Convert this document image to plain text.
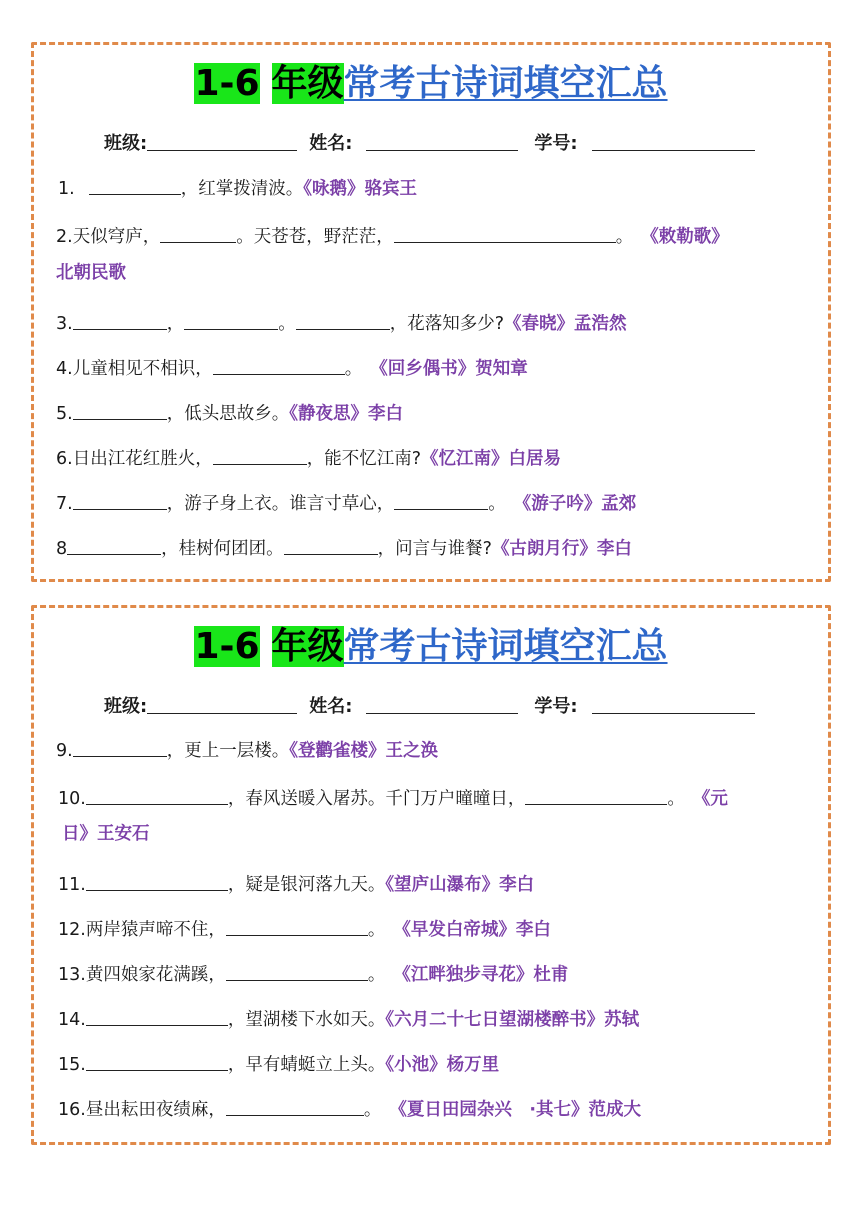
1-6 年级常考古诗词填空汇总
班级:	姓名:	学号:
1.	，红掌拨清波。《咏鹅》骆宾王
2.天似穹庐，	。天苍苍，野茫茫，	。 《敕勒歌》
北朝民歌
3.	，	。	，花落知多少?《春晓》孟浩然
4.儿童相见不相识，	。 《回乡偶书》贺知章
5.	，低头思故乡。《静夜思》李白
6.日出江花红胜火，	，能不忆江南?《忆江南》白居易
7.	，游子身上衣。谁言寸草心，	。 《游子吟》孟郊
8	，桂树何团团。	，问言与谁餐?《古朗月行》李白
1-6 年级常考古诗词填空汇总
班级:	姓名:	学号:
9.	，更上一层楼。《登鹳雀楼》王之涣
10.	，春风送暖入屠苏。千门万户曈曈日，	。 《元
日》王安石
11.	，疑是银河落九天。《望庐山瀑布》李白
12.两岸猿声啼不住，	。 《早发白帝城》李白
13.黄四娘家花满蹊，	。 《江畔独步寻花》杜甫
14.	，望湖楼下水如天。《六月二十七日望湖楼醉书》苏轼
15.	，早有蜻蜓立上头。《小池》杨万里
16.昼出耘田夜绩麻，	。 《夏日田园杂兴　·其七》范成大
